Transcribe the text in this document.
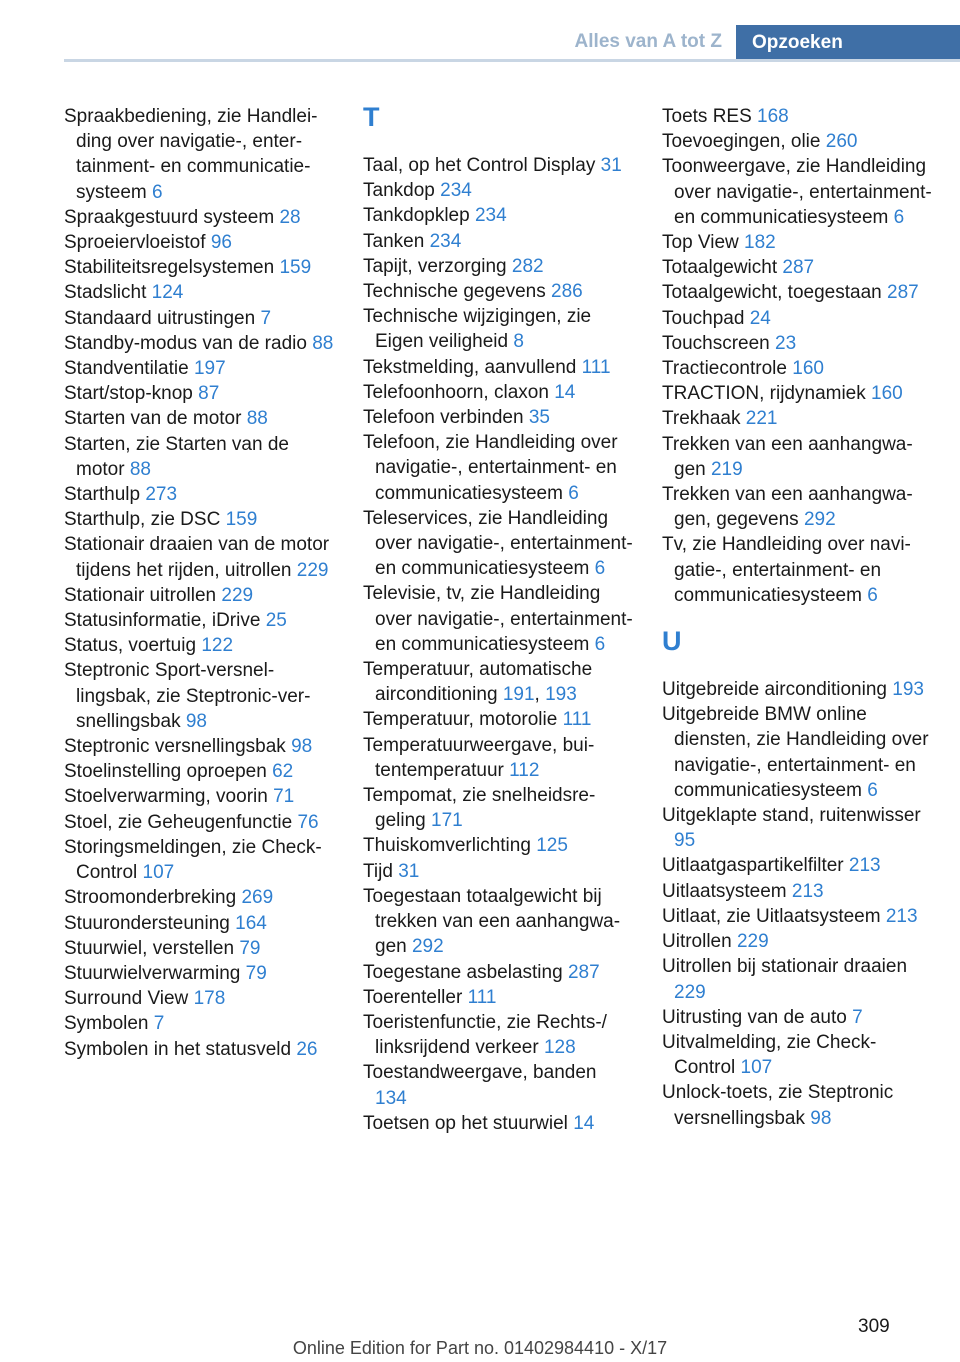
Alles van A tot Z	Opzoeken

Spraakbediening, zie Handleiding over navigatie-, entertainment- en communicatiesysteem 6

Spraakgestuurd systeem 28

Sproeiervloeistof 96

Stabiliteitsregelsystemen 159

Stadslicht 124

Standaard uitrustingen 7

Standby-modus van de radio 88

Standventilatie 197

Start/stop-knop 87

Starten van de motor 88

Starten, zie Starten van de motor 88

Starthulp 273

Starthulp, zie DSC 159

Stationair draaien van de motor tijdens het rijden, uitrollen 229

Stationair uitrollen 229

Statusinformatie, iDrive 25

Status, voertuig 122

Steptronic Sport-versnellingsbak, zie Steptronic-versnellingsbak 98

Steptronic versnellingsbak 98

Stoelinstelling oproepen 62

Stoelverwarming, voorin 71

Stoel, zie Geheugenfunctie 76

Storingsmeldingen, zie Check-Control 107

Stroomonderbreking 269

Stuurondersteuning 164

Stuurwiel, verstellen 79

Stuurwielverwarming 79

Surround View 178

Symbolen 7

Symbolen in het statusveld 26

T

Taal, op het Control Display 31

Tankdop 234

Tankdopklep 234

Tanken 234

Tapijt, verzorging 282

Technische gegevens 286

Technische wijzigingen, zie Eigen veiligheid 8

Tekstmelding, aanvullend 111

Telefoonhoorn, claxon 14

Telefoon verbinden 35

Telefoon, zie Handleiding over navigatie-, entertainment- en communicatiesysteem 6

Teleservices, zie Handleiding over navigatie-, entertainment- en communicatiesysteem 6

Televisie, tv, zie Handleiding over navigatie-, entertainment- en communicatiesysteem 6

Temperatuur, automatische airconditioning 191, 193

Temperatuur, motorolie 111

Temperatuurweergave, buitentemperatuur 112

Tempomat, zie snelheidsregeling 171

Thuiskomverlichting 125

Tijd 31

Toegestaan totaalgewicht bij trekken van een aanhangwagen 292

Toegestane asbelasting 287

Toerenteller 111

Toeristenfunctie, zie Rechts-/ linksrijdend verkeer 128

Toestandweergave, banden 134

Toetsen op het stuurwiel 14

Toets RES 168

Toevoegingen, olie 260

Toonweergave, zie Handleiding over navigatie-, entertainment- en communicatiesysteem 6

Top View 182

Totaalgewicht 287

Totaalgewicht, toegestaan 287

Touchpad 24

Touchscreen 23

Tractiecontrole 160

TRACTION, rijdynamiek 160

Trekhaak 221

Trekken van een aanhangwagen 219

Trekken van een aanhangwagen, gegevens 292

Tv, zie Handleiding over navigatie-, entertainment- en communicatiesysteem 6

U

Uitgebreide airconditioning 193

Uitgebreide BMW online diensten, zie Handleiding over navigatie-, entertainment- en communicatiesysteem 6

Uitgeklapte stand, ruitenwisser 95

Uitlaatgaspartikelfilter 213

Uitlaatsysteem 213

Uitlaat, zie Uitlaatsysteem 213

Uitrollen 229

Uitrollen bij stationair draaien 229

Uitrusting van de auto 7

Uitvalmelding, zie Check-Control 107

Unlock-toets, zie Steptronic versnellingsbak 98

309
Online Edition for Part no. 01402984410 - X/17
